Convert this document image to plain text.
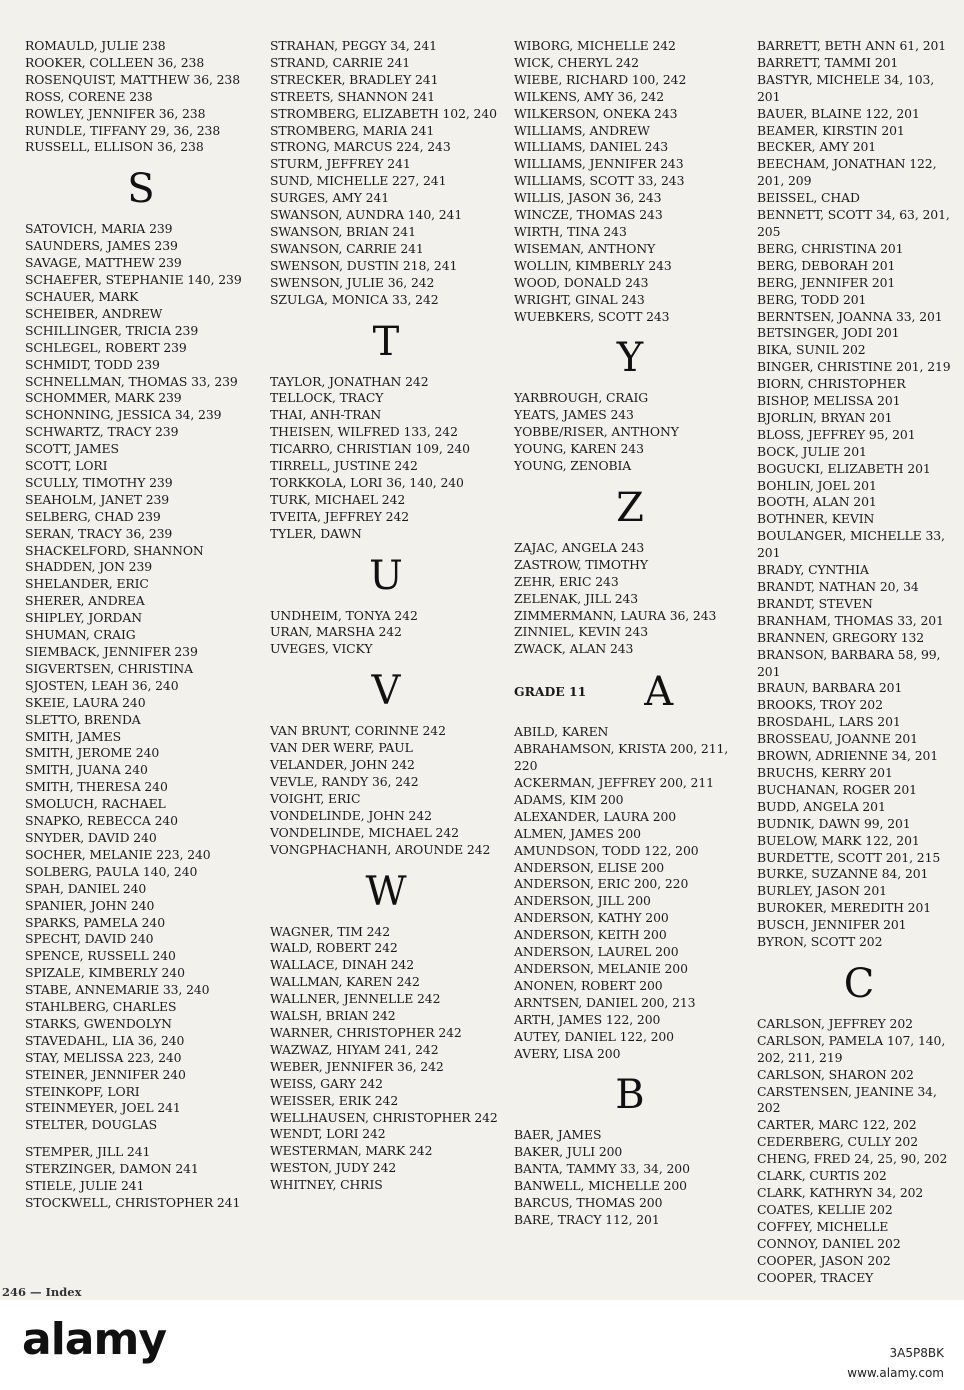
ROMAULD, JULIE 238
ROOKER, COLLEEN 36, 238
ROSENQUIST, MATTHEW 36, 238
ROSS, CORENE 238
ROWLEY, JENNIFER 36, 238
RUNDLE, TIFFANY 29, 36, 238
RUSSELL, ELLISON 36, 238
S
SATOVICH, MARIA 239
SAUNDERS, JAMES 239
SAVAGE, MATTHEW 239
SCHAEFER, STEPHANIE 140, 239
SCHAUER, MARK
SCHEIBER, ANDREW
SCHILLINGER, TRICIA 239
SCHLEGEL, ROBERT 239
SCHMIDT, TODD 239
SCHNELLMAN, THOMAS 33, 239
SCHOMMER, MARK 239
SCHONNING, JESSICA 34, 239
SCHWARTZ, TRACY 239
SCOTT, JAMES
SCOTT, LORI
SCULLY, TIMOTHY 239
SEAHOLM, JANET 239
SELBERG, CHAD 239
SERAN, TRACY 36, 239
SHACKELFORD, SHANNON
SHADDEN, JON 239
SHELANDER, ERIC
SHERER, ANDREA
SHIPLEY, JORDAN
SHUMAN, CRAIG
SIEMBACK, JENNIFER 239
SIGVERTSEN, CHRISTINA
SJOSTEN, LEAH 36, 240
SKEIE, LAURA 240
SLETTO, BRENDA
SMITH, JAMES
SMITH, JEROME 240
SMITH, JUANA 240
SMITH, THERESA 240
SMOLUCH, RACHAEL
SNAPKO, REBECCA 240
SNYDER, DAVID 240
SOCHER, MELANIE 223, 240
SOLBERG, PAULA 140, 240
SPAH, DANIEL 240
SPANIER, JOHN 240
SPARKS, PAMELA 240
SPECHT, DAVID 240
SPENCE, RUSSELL 240
SPIZALE, KIMBERLY 240
STABE, ANNEMARIE 33, 240
STAHLBERG, CHARLES
STARKS, GWENDOLYN
STAVEDAHL, LIA 36, 240
STAY, MELISSA 223, 240
STEINER, JENNIFER 240
STEINKOPF, LORI
STEINMEYER, JOEL 241
STELTER, DOUGLAS
STEMPER, JILL 241
STERZINGER, DAMON 241
STIELE, JULIE 241
STOCKWELL, CHRISTOPHER 241
STRAHAN, PEGGY 34, 241
STRAND, CARRIE 241
STRECKER, BRADLEY 241
STREETS, SHANNON 241
STROMBERG, ELIZABETH 102, 240
STROMBERG, MARIA 241
STRONG, MARCUS 224, 243
STURM, JEFFREY 241
SUND, MICHELLE 227, 241
SURGES, AMY 241
SWANSON, AUNDRA 140, 241
SWANSON, BRIAN 241
SWANSON, CARRIE 241
SWENSON, DUSTIN 218, 241
SWENSON, JULIE 36, 242
SZULGA, MONICA 33, 242
T
TAYLOR, JONATHAN 242
TELLOCK, TRACY
THAI, ANH-TRAN
THEISEN, WILFRED 133, 242
TICARRO, CHRISTIAN 109, 240
TIRRELL, JUSTINE 242
TORKKOLA, LORI 36, 140, 240
TURK, MICHAEL 242
TVEITA, JEFFREY 242
TYLER, DAWN
U
UNDHEIM, TONYA 242
URAN, MARSHA 242
UVEGES, VICKY
V
VAN BRUNT, CORINNE 242
VAN DER WERF, PAUL
VELANDER, JOHN 242
VEVLE, RANDY 36, 242
VOIGHT, ERIC
VONDELINDE, JOHN 242
VONDELINDE, MICHAEL 242
VONGPHACHANH, AROUNDE 242
W
WAGNER, TIM 242
WALD, ROBERT 242
WALLACE, DINAH 242
WALLMAN, KAREN 242
WALLNER, JENNELLE 242
WALSH, BRIAN 242
WARNER, CHRISTOPHER 242
WAZWAZ, HIYAM 241, 242
WEBER, JENNIFER 36, 242
WEISS, GARY 242
WEISSER, ERIK 242
WELLHAUSEN, CHRISTOPHER 242
WENDT, LORI 242
WESTERMAN, MARK 242
WESTON, JUDY 242
WHITNEY, CHRIS
WIBORG, MICHELLE 242
WICK, CHERYL 242
WIEBE, RICHARD 100, 242
WILKENS, AMY 36, 242
WILKERSON, ONEKA 243
WILLIAMS, ANDREW
WILLIAMS, DANIEL 243
WILLIAMS, JENNIFER 243
WILLIAMS, SCOTT 33, 243
WILLIS, JASON 36, 243
WINCZE, THOMAS 243
WIRTH, TINA 243
WISEMAN, ANTHONY
WOLLIN, KIMBERLY 243
WOOD, DONALD 243
WRIGHT, GINAL 243
WUEBKERS, SCOTT 243
Y
YARBROUGH, CRAIG
YEATS, JAMES 243
YOBBE/RISER, ANTHONY
YOUNG, KAREN 243
YOUNG, ZENOBIA
Z
ZAJAC, ANGELA 243
ZASTROW, TIMOTHY
ZEHR, ERIC 243
ZELENAK, JILL 243
ZIMMERMANN, LAURA 36, 243
ZINNIEL, KEVIN 243
ZWACK, ALAN 243
GRADE 11 A
ABILD, KAREN
ABRAHAMSON, KRISTA 200, 211, 220
ACKERMAN, JEFFREY 200, 211
ADAMS, KIM 200
ALEXANDER, LAURA 200
ALMEN, JAMES 200
AMUNDSON, TODD 122, 200
ANDERSON, ELISE 200
ANDERSON, ERIC 200, 220
ANDERSON, JILL 200
ANDERSON, KATHY 200
ANDERSON, KEITH 200
ANDERSON, LAUREL 200
ANDERSON, MELANIE 200
ANONEN, ROBERT 200
ARNTSEN, DANIEL 200, 213
ARTH, JAMES 122, 200
AUTEY, DANIEL 122, 200
AVERY, LISA 200
B
BAER, JAMES
BAKER, JULI 200
BANTA, TAMMY 33, 34, 200
BANWELL, MICHELLE 200
BARCUS, THOMAS 200
BARE, TRACY 112, 201
BARRETT, BETH ANN 61, 201
BARRETT, TAMMI 201
BASTYR, MICHELE 34, 103, 201
BAUER, BLAINE 122, 201
BEAMER, KIRSTIN 201
BECKER, AMY 201
BEECHAM, JONATHAN 122, 201, 209
BEISSEL, CHAD
BENNETT, SCOTT 34, 63, 201, 205
BERG, CHRISTINA 201
BERG, DEBORAH 201
BERG, JENNIFER 201
BERG, TODD 201
BERNTSEN, JOANNA 33, 201
BETSINGER, JODI 201
BIKA, SUNIL 202
BINGER, CHRISTINE 201, 219
BIORN, CHRISTOPHER
BISHOP, MELISSA 201
BJORLIN, BRYAN 201
BLOSS, JEFFREY 95, 201
BOCK, JULIE 201
BOGUCKI, ELIZABETH 201
BOHLIN, JOEL 201
BOOTH, ALAN 201
BOTHNER, KEVIN
BOULANGER, MICHELLE 33, 201
BRADY, CYNTHIA
BRANDT, NATHAN 20, 34
BRANDT, STEVEN
BRANHAM, THOMAS 33, 201
BRANNEN, GREGORY 132
BRANSON, BARBARA 58, 99, 201
BRAUN, BARBARA 201
BROOKS, TROY 202
BROSDAHL, LARS 201
BROSSEAU, JOANNE 201
BROWN, ADRIENNE 34, 201
BRUCHS, KERRY 201
BUCHANAN, ROGER 201
BUDD, ANGELA 201
BUDNIK, DAWN 99, 201
BUELOW, MARK 122, 201
BURDETTE, SCOTT 201, 215
BURKE, SUZANNE 84, 201
BURLEY, JASON 201
BUROKER, MEREDITH 201
BUSCH, JENNIFER 201
BYRON, SCOTT 202
C
CARLSON, JEFFREY 202
CARLSON, PAMELA 107, 140, 202, 211, 219
CARLSON, SHARON 202
CARSTENSEN, JEANINE 34, 202
CARTER, MARC 122, 202
CEDERBERG, CULLY 202
CHENG, FRED 24, 25, 90, 202
CLARK, CURTIS 202
CLARK, KATHRYN 34, 202
COATES, KELLIE 202
COFFEY, MICHELLE
CONNOY, DANIEL 202
COOPER, JASON 202
COOPER, TRACEY
246 — Index
alamy	3A5P8BK
www.alamy.com
